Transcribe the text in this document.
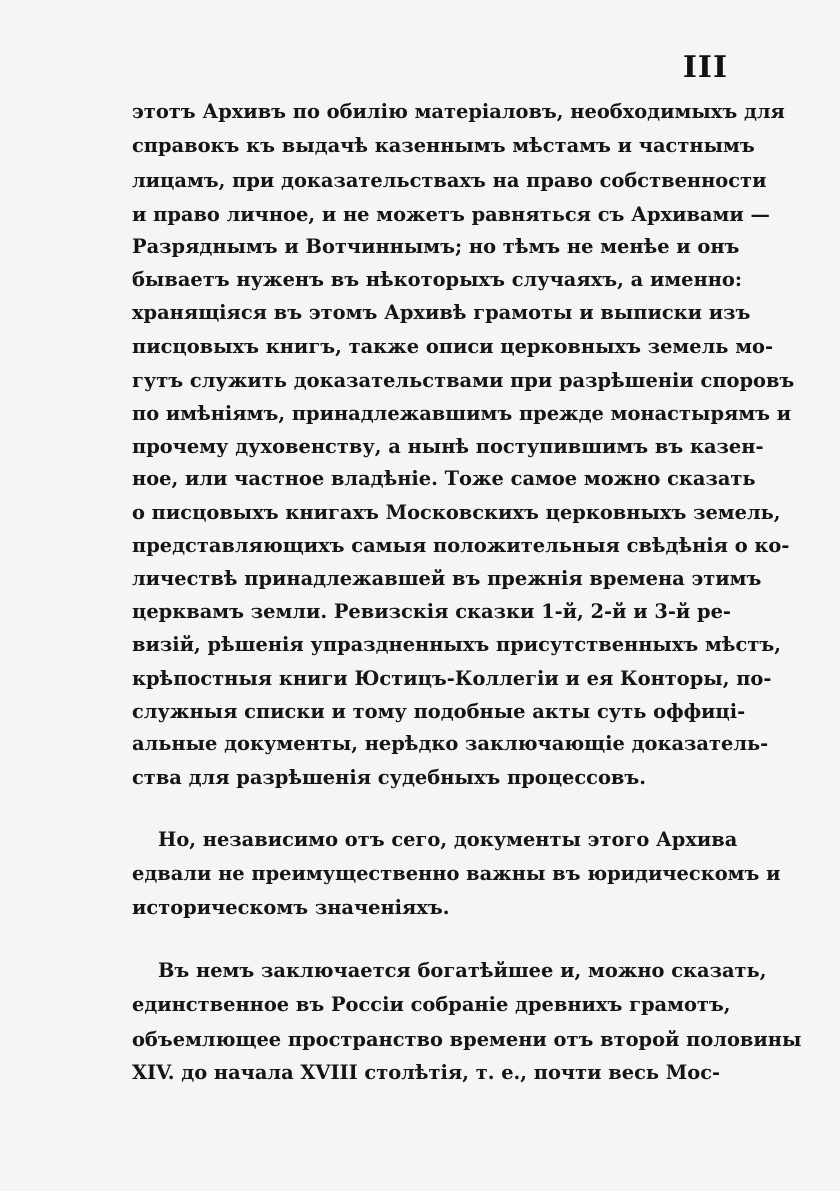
III
этотъ Архивъ по обилію матеріаловъ, необходимыхъ для
справокъ къ выдачѣ казеннымъ мѣстамъ и частнымъ
лицамъ, при доказательствахъ на право собственности
и право личное, и не можетъ равняться съ Архивами —
Разряднымъ и Вотчиннымъ; но тѣмъ не менѣе и онъ
бываетъ нуженъ въ нѣкоторыхъ случаяхъ, а именно:
хранящіяся въ этомъ Архивѣ грамоты и выписки изъ
писцовыхъ книгъ, также описи церковныхъ земель мо-
гутъ служить доказательствами при разрѣшеніи споровъ
по имѣніямъ, принадлежавшимъ прежде монастырямъ и
прочему духовенству, а нынѣ поступившимъ въ казен-
ное, или частное владѣніе. Тоже самое можно сказать
о писцовыхъ книгахъ Московскихъ церковныхъ земель,
представляющихъ самыя положительныя свѣдѣнія о ко-
личествѣ принадлежавшей въ прежнія времена этимъ
церквамъ земли. Ревизскія сказки 1-й, 2-й и 3-й ре-
визій, рѣшенія упраздненныхъ присутственныхъ мѣстъ,
крѣпостныя книги Юстицъ-Коллегіи и ея Конторы, по-
служныя списки и тому подобные акты суть оффиці-
альные документы, нерѣдко заключающіе доказатель-
ства для разрѣшенія судебныхъ процессовъ.
Но, независимо отъ сего, документы этого Архива
едвали не преимущественно важны въ юридическомъ и
историческомъ значеніяхъ.
Въ немъ заключается богатѣйшее и, можно сказать,
единственное въ Россіи собраніе древнихъ грамотъ,
объемлющее пространство времени отъ второй половины
XIV. до начала XVIII столѣтія, т. е., почти весь Мос-
